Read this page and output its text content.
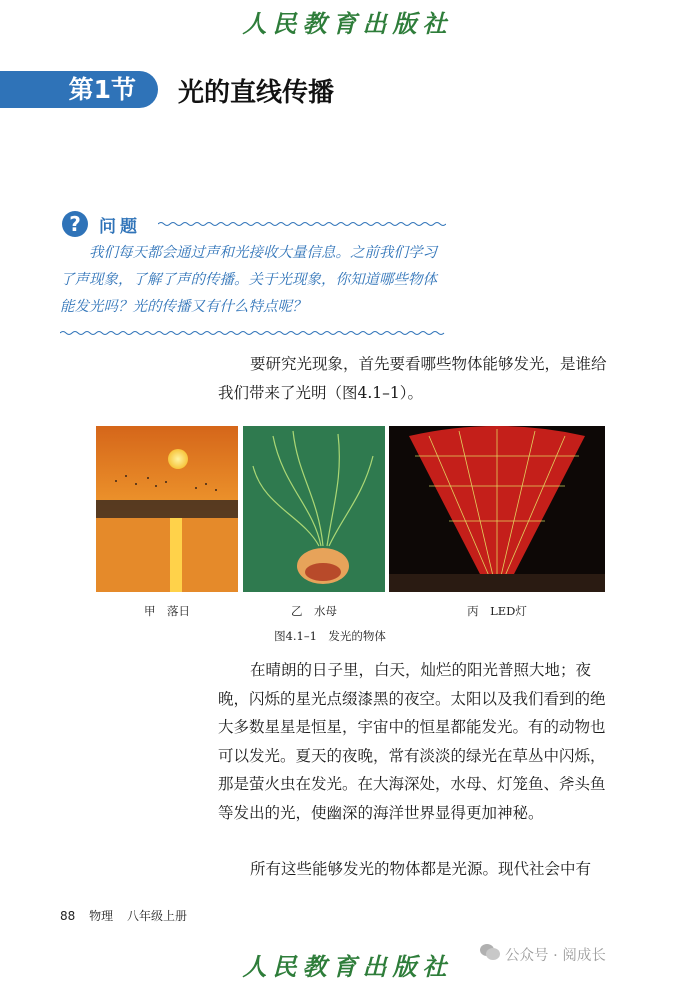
人民教育出版社
第1节	光的直线传播
?	问题
我们每天都会通过声和光接收大量信息。之前我们学习了声现象，了解了声的传播。关于光现象，你知道哪些物体能发光吗？光的传播又有什么特点呢？
要研究光现象，首先要看哪些物体能够发光，是谁给我们带来了光明（图4.1–1）。
甲　 落日	乙　 水母	丙　 LED灯
图4.1–1　发光的物体
在晴朗的日子里，白天，灿烂的阳光普照大地；夜晚，闪烁的星光点缀漆黑的夜空。太阳以及我们看到的绝大多数星星是恒星，宇宙中的恒星都能发光。有的动物也可以发光。夏天的夜晚，常有淡淡的绿光在草丛中闪烁，那是萤火虫在发光。在大海深处，水母、灯笼鱼、斧头鱼等发出的光，使幽深的海洋世界显得更加神秘。
所有这些能够发光的物体都是光源。现代社会中有
88 物理 八年级上册
人民教育出版社	公众号 · 阅成长
